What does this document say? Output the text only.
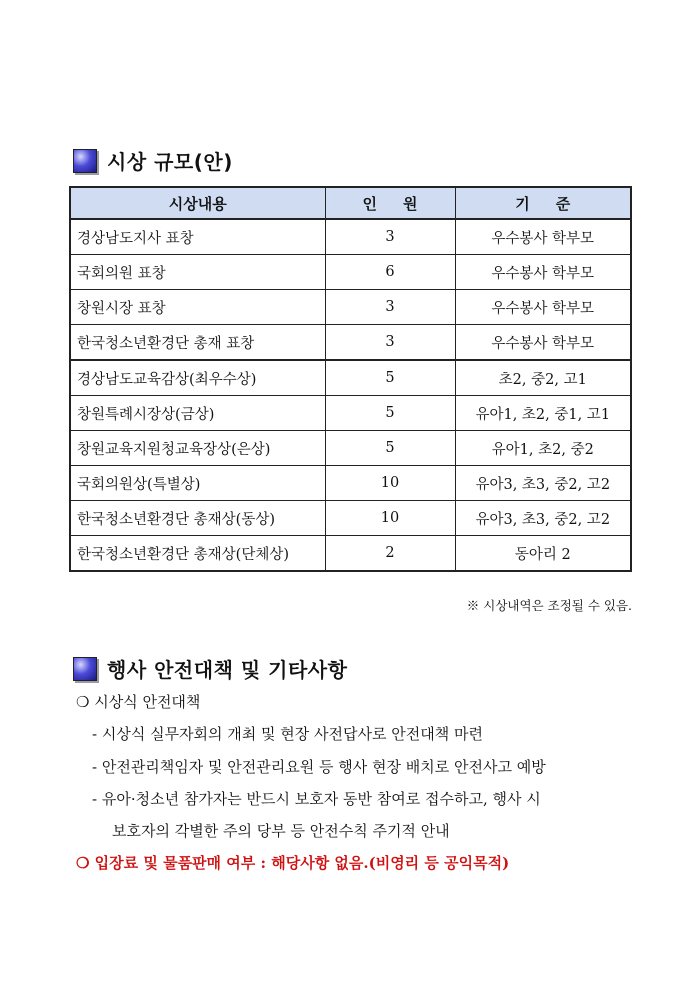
시상 규모(안)
시상내용	인     원	기     준
경상남도지사 표창	3	우수봉사 학부모
국회의원 표창	6	우수봉사 학부모
창원시장 표창	3	우수봉사 학부모
한국청소년환경단 총재 표창	3	우수봉사 학부모
경상남도교육감상(최우수상)	5	초2, 중2, 고1
창원특례시장상(금상)	5	유아1, 초2, 중1, 고1
창원교육지원청교육장상(은상)	5	유아1, 초2, 중2
국회의원상(특별상)	10	유아3, 초3, 중2, 고2
한국청소년환경단 총재상(동상)	10	유아3, 초3, 중2, 고2
한국청소년환경단 총재상(단체상)	2	동아리 2
※ 시상내역은 조정될 수 있음.
행사 안전대책 및 기타사항
❍ 시상식 안전대책
- 시상식 실무자회의 개최 및 현장 사전답사로 안전대책 마련
- 안전관리책임자 및 안전관리요원 등 행사 현장 배치로 안전사고 예방
- 유아·청소년 참가자는 반드시 보호자 동반 참여로 접수하고, 행사 시
보호자의 각별한 주의 당부 등 안전수칙 주기적 안내
❍ 입장료 및 물품판매 여부 : 해당사항 없음.(비영리 등 공익목적)
